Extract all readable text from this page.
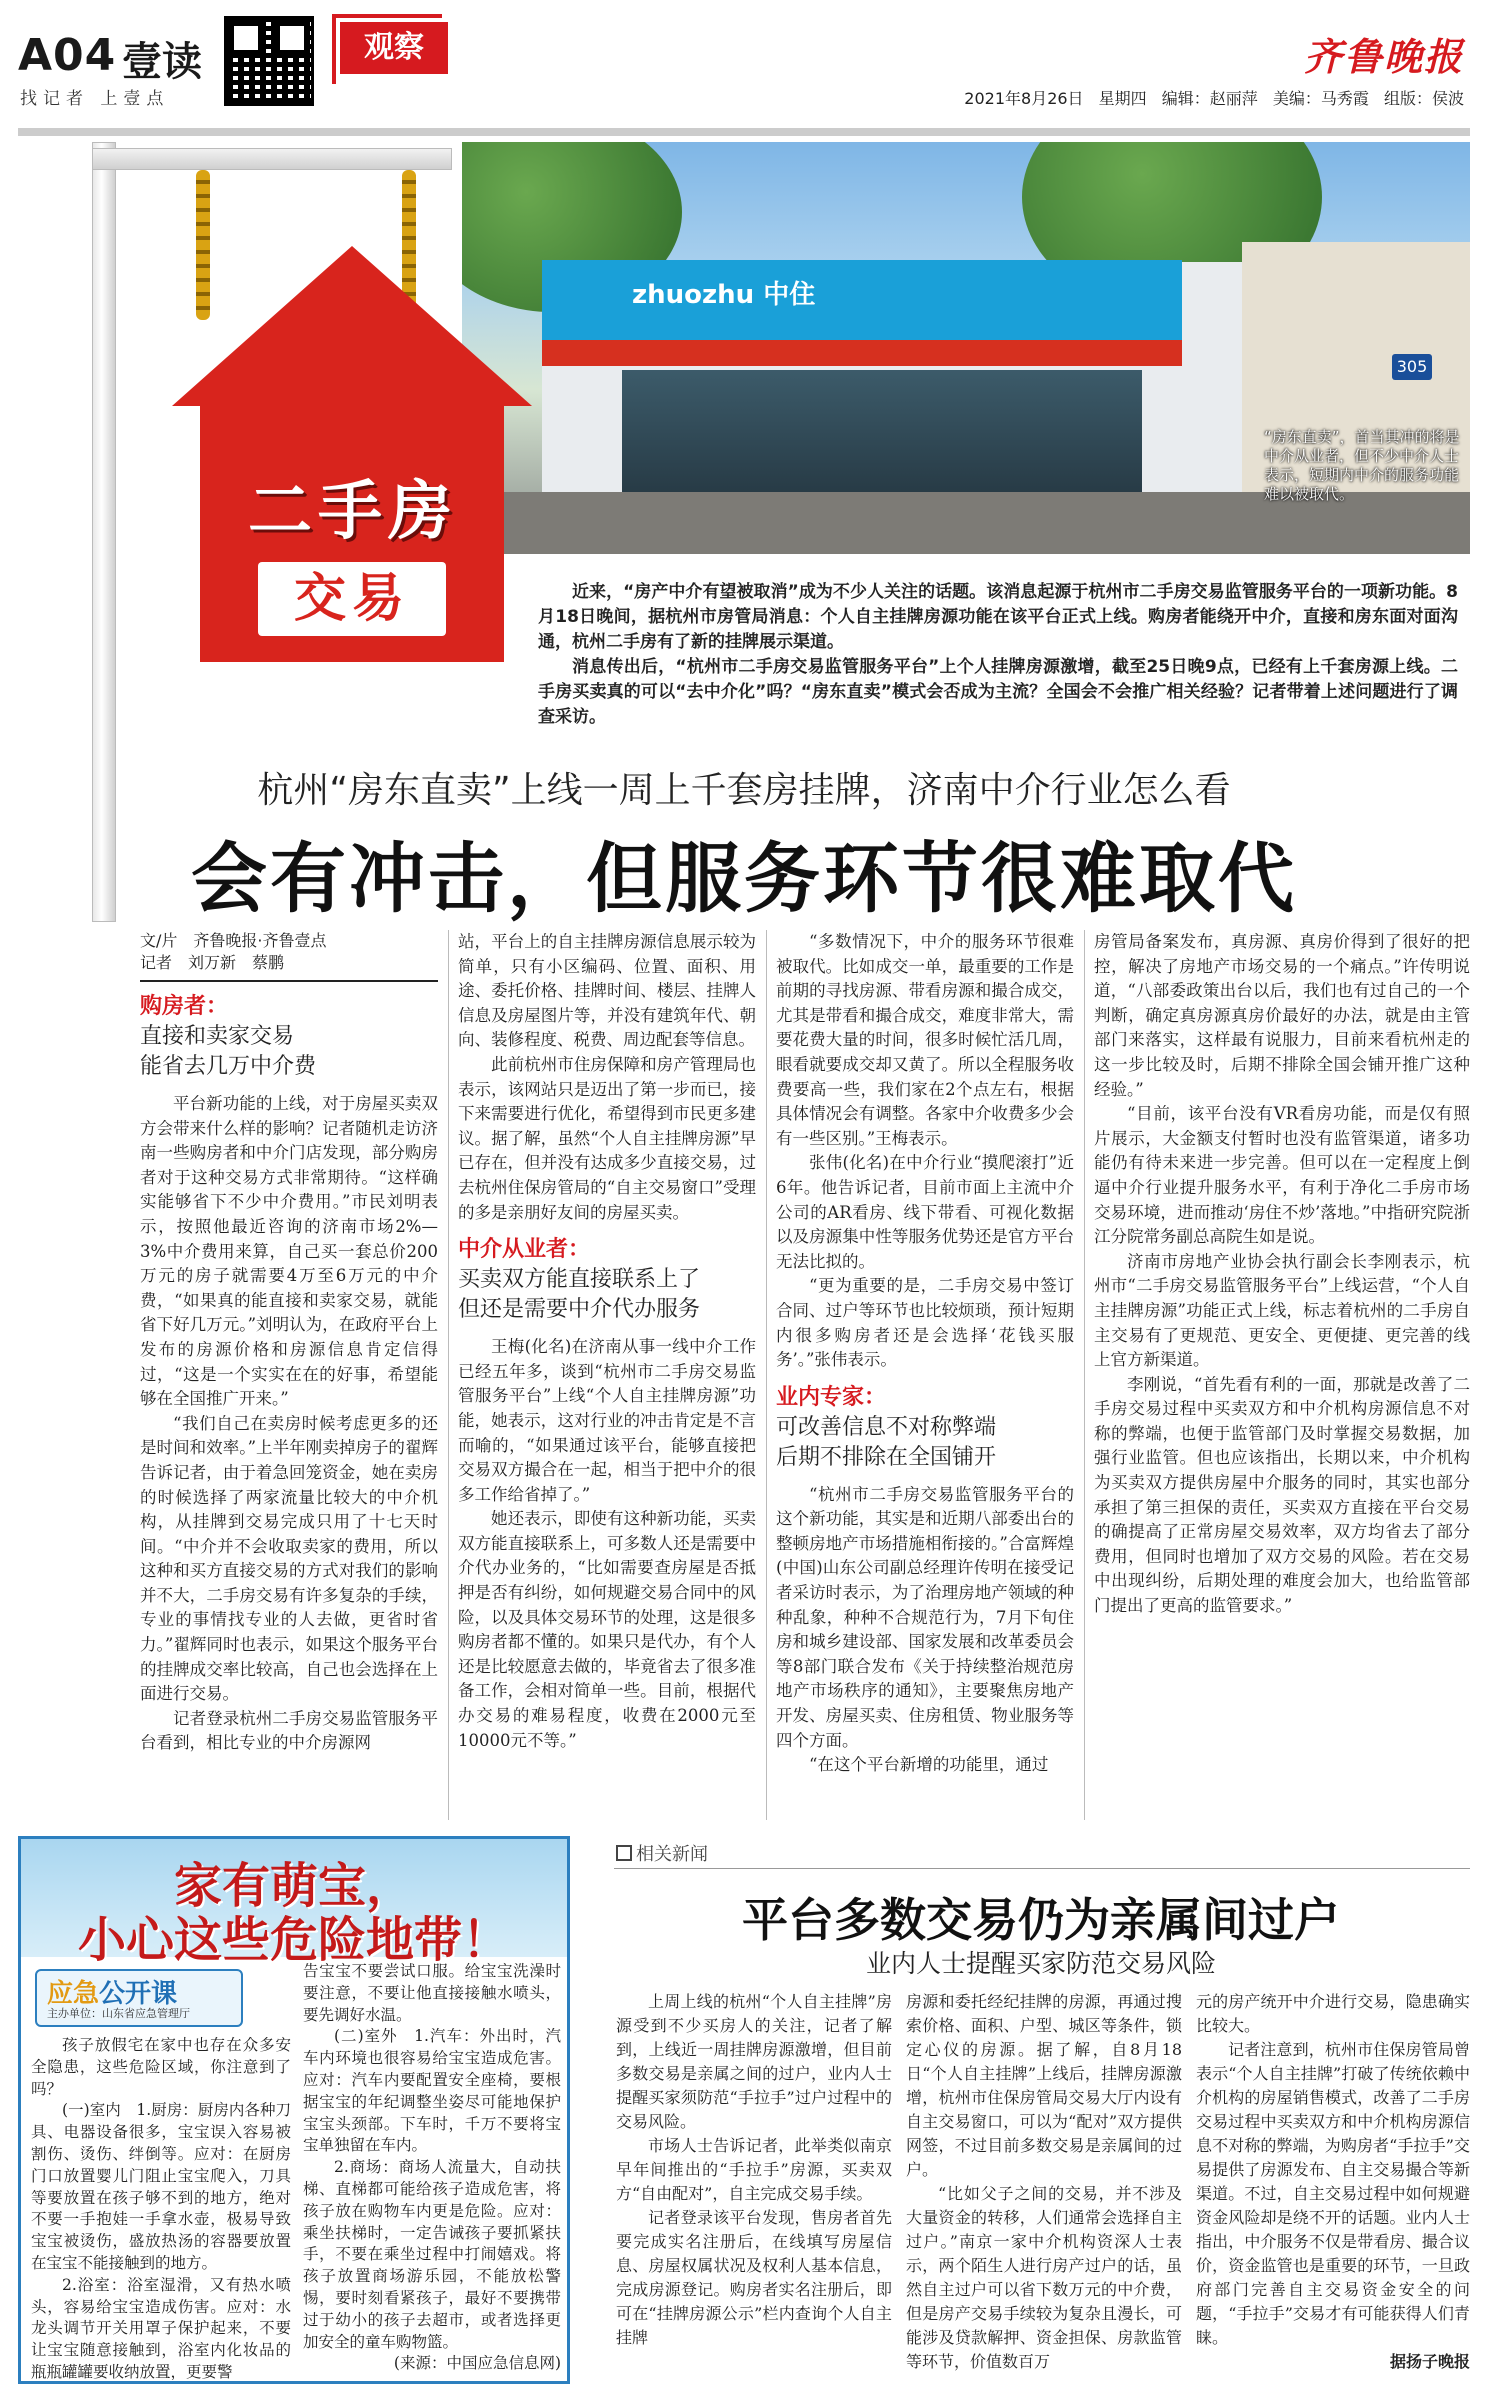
A04 壹读
找记者 上壹点
观察	齐鲁晚报
2021年8月26日 星期四 编辑：赵丽萍 美编：马秀霞 组版：侯波
zhuozhu 中住
305
“房东直卖”，首当其冲的将是中介从业者，但不少中介人士表示，短期内中介的服务功能难以被取代。
二手房
交易	近来，“房产中介有望被取消”成为不少人关注的话题。该消息起源于杭州市二手房交易监管服务平台的一项新功能。8月18日晚间，据杭州市房管局消息：个人自主挂牌房源功能在该平台正式上线。购房者能绕开中介，直接和房东面对面沟通，杭州二手房有了新的挂牌展示渠道。

消息传出后，“杭州市二手房交易监管服务平台”上个人挂牌房源激增，截至25日晚9点，已经有上千套房源上线。二手房买卖真的可以“去中介化”吗？“房东直卖”模式会否成为主流？全国会不会推广相关经验？记者带着上述问题进行了调查采访。

杭州“房东直卖”上线一周上千套房挂牌，济南中介行业怎么看
会有冲击，但服务环节很难取代

文/片　齐鲁晚报·齐鲁壹点

记者　刘万新　蔡鹏

购房者：

直接和卖家交易
能省去几万中介费

平台新功能的上线，对于房屋买卖双方会带来什么样的影响？记者随机走访济南一些购房者和中介门店发现，部分购房者对于这种交易方式非常期待。“这样确实能够省下不少中介费用。”市民刘明表示，按照他最近咨询的济南市场2%—3%中介费用来算，自己买一套总价200万元的房子就需要4万至6万元的中介费，“如果真的能直接和卖家交易，就能省下好几万元。”刘明认为，在政府平台上发布的房源价格和房源信息肯定信得过，“这是一个实实在在的好事，希望能够在全国推广开来。”

“我们自己在卖房时候考虑更多的还是时间和效率。”上半年刚卖掉房子的翟辉告诉记者，由于着急回笼资金，她在卖房的时候选择了两家流量比较大的中介机构，从挂牌到交易完成只用了十七天时间。“中介并不会收取卖家的费用，所以这种和买方直接交易的方式对我们的影响并不大，二手房交易有许多复杂的手续，专业的事情找专业的人去做，更省时省力。”翟辉同时也表示，如果这个服务平台的挂牌成交率比较高，自己也会选择在上面进行交易。

记者登录杭州二手房交易监管服务平台看到，相比专业的中介房源网

站，平台上的自主挂牌房源信息展示较为简单，只有小区编码、位置、面积、用途、委托价格、挂牌时间、楼层、挂牌人信息及房屋图片等，并没有建筑年代、朝向、装修程度、税费、周边配套等信息。

此前杭州市住房保障和房产管理局也表示，该网站只是迈出了第一步而已，接下来需要进行优化，希望得到市民更多建议。据了解，虽然“个人自主挂牌房源”早已存在，但并没有达成多少直接交易，过去杭州住保房管局的“自主交易窗口”受理的多是亲朋好友间的房屋买卖。

中介从业者：

买卖双方能直接联系上了
但还是需要中介代办服务

王梅(化名)在济南从事一线中介工作已经五年多，谈到“杭州市二手房交易监管服务平台”上线“个人自主挂牌房源”功能，她表示，这对行业的冲击肯定是不言而喻的，“如果通过该平台，能够直接把交易双方撮合在一起，相当于把中介的很多工作给省掉了。”

她还表示，即使有这种新功能，买卖双方能直接联系上，可多数人还是需要中介代办业务的，“比如需要查房屋是否抵押是否有纠纷，如何规避交易合同中的风险，以及具体交易环节的处理，这是很多购房者都不懂的。如果只是代办，有个人还是比较愿意去做的，毕竟省去了很多准备工作，会相对简单一些。目前，根据代办交易的难易程度，收费在2000元至10000元不等。”

“多数情况下，中介的服务环节很难被取代。比如成交一单，最重要的工作是前期的寻找房源、带看房源和撮合成交，尤其是带看和撮合成交，难度非常大，需要花费大量的时间，很多时候忙活几周，眼看就要成交却又黄了。所以全程服务收费要高一些，我们家在2个点左右，根据具体情况会有调整。各家中介收费多少会有一些区别。”王梅表示。

张伟(化名)在中介行业“摸爬滚打”近6年。他告诉记者，目前市面上主流中介公司的AR看房、线下带看、可视化数据以及房源集中性等服务优势还是官方平台无法比拟的。

“更为重要的是，二手房交易中签订合同、过户等环节也比较烦琐，预计短期内很多购房者还是会选择‘花钱买服务’。”张伟表示。

业内专家：

可改善信息不对称弊端
后期不排除在全国铺开

“杭州市二手房交易监管服务平台的这个新功能，其实是和近期八部委出台的整顿房地产市场措施相衔接的。”合富辉煌(中国)山东公司副总经理许传明在接受记者采访时表示，为了治理房地产领域的种种乱象，种种不合规范行为，7月下旬住房和城乡建设部、国家发展和改革委员会等8部门联合发布《关于持续整治规范房地产市场秩序的通知》，主要聚焦房地产开发、房屋买卖、住房租赁、物业服务等四个方面。

“在这个平台新增的功能里，通过

房管局备案发布，真房源、真房价得到了很好的把控，解决了房地产市场交易的一个痛点。”许传明说道，“八部委政策出台以后，我们也有过自己的一个判断，确定真房源真房价最好的办法，就是由主管部门来落实，这样最有说服力，目前来看杭州走的这一步比较及时，后期不排除全国会铺开推广这种经验。”

“目前，该平台没有VR看房功能，而是仅有照片展示，大金额支付暂时也没有监管渠道，诸多功能仍有待未来进一步完善。但可以在一定程度上倒逼中介行业提升服务水平，有利于净化二手房市场交易环境，进而推动‘房住不炒’落地。”中指研究院浙江分院常务副总高院生如是说。

济南市房地产业协会执行副会长李刚表示，杭州市“二手房交易监管服务平台”上线运营，“个人自主挂牌房源”功能正式上线，标志着杭州的二手房自主交易有了更规范、更安全、更便捷、更完善的线上官方新渠道。

李刚说，“首先看有利的一面，那就是改善了二手房交易过程中买卖双方和中介机构房源信息不对称的弊端，也便于监管部门及时掌握交易数据，加强行业监管。但也应该指出，长期以来，中介机构为买卖双方提供房屋中介服务的同时，其实也部分承担了第三担保的责任，买卖双方直接在平台交易的确提高了正常房屋交易效率，双方均省去了部分费用，但同时也增加了双方交易的风险。若在交易中出现纠纷，后期处理的难度会加大，也给监管部门提出了更高的监管要求。”

家有萌宝，
小心这些危险地带！
应急公开课
主办单位：山东省应急管理厅

孩子放假宅在家中也存在众多安全隐患，这些危险区域，你注意到了吗？

(一)室内　1.厨房：厨房内各种刀具、电器设备很多，宝宝误入容易被割伤、烫伤、绊倒等。应对：在厨房门口放置婴儿门阻止宝宝爬入，刀具等要放置在孩子够不到的地方，绝对不要一手抱娃一手拿水壶，极易导致宝宝被烫伤，盛放热汤的容器要放置在宝宝不能接触到的地方。

2.浴室：浴室湿滑，又有热水喷头，容易给宝宝造成伤害。应对：水龙头调节开关用罩子保护起来，不要让宝宝随意接触到，浴室内化妆品的瓶瓶罐罐要收纳放置，更要警

告宝宝不要尝试口服。给宝宝洗澡时要注意，不要让他直接接触水喷头，要先调好水温。

(二)室外　1.汽车：外出时，汽车内环境也很容易给宝宝造成危害。应对：汽车内要配置安全座椅，要根据宝宝的年纪调整坐姿尽可能地保护宝宝头颈部。下车时，千万不要将宝宝单独留在车内。

2.商场：商场人流量大，自动扶梯、直梯都可能给孩子造成危害，将孩子放在购物车内更是危险。应对：乘坐扶梯时，一定告诫孩子要抓紧扶手，不要在乘坐过程中打闹嬉戏。将孩子放置商场游乐园，不能放松警惕，要时刻看紧孩子，最好不要携带过于幼小的孩子去超市，或者选择更加安全的童车购物篮。

(来源：中国应急信息网)

相关新闻
平台多数交易仍为亲属间过户
业内人士提醒买家防范交易风险

上周上线的杭州“个人自主挂牌”房源受到不少买房人的关注，记者了解到，上线近一周挂牌房源激增，但目前多数交易是亲属之间的过户，业内人士提醒买家须防范“手拉手”过户过程中的交易风险。

市场人士告诉记者，此举类似南京早年间推出的“手拉手”房源，买卖双方“自由配对”，自主完成交易手续。

记者登录该平台发现，售房者首先要完成实名注册后，在线填写房屋信息、房屋权属状况及权利人基本信息，完成房源登记。购房者实名注册后，即可在“挂牌房源公示”栏内查询个人自主挂牌

房源和委托经纪挂牌的房源，再通过搜索价格、面积、户型、城区等条件，锁定心仪的房源。据了解，自8月18日“个人自主挂牌”上线后，挂牌房源激增，杭州市住保房管局交易大厅内设有自主交易窗口，可以为“配对”双方提供网签，不过目前多数交易是亲属间的过户。

“比如父子之间的交易，并不涉及大量资金的转移，人们通常会选择自主过户。”南京一家中介机构资深人士表示，两个陌生人进行房产过户的话，虽然自主过户可以省下数万元的中介费，但是房产交易手续较为复杂且漫长，可能涉及贷款解押、资金担保、房款监管等环节，价值数百万

元的房产统开中介进行交易，隐患确实比较大。

记者注意到，杭州市住保房管局曾表示“个人自主挂牌”打破了传统依赖中介机构的房屋销售模式，改善了二手房交易过程中买卖双方和中介机构房源信息不对称的弊端，为购房者“手拉手”交易提供了房源发布、自主交易撮合等新渠道。不过，自主交易过程中如何规避资金风险却是绕不开的话题。业内人士指出，中介服务不仅是带看房、撮合议价，资金监管也是重要的环节，一旦政府部门完善自主交易资金安全的问题，“手拉手”交易才有可能获得人们青睐。

据扬子晚报
